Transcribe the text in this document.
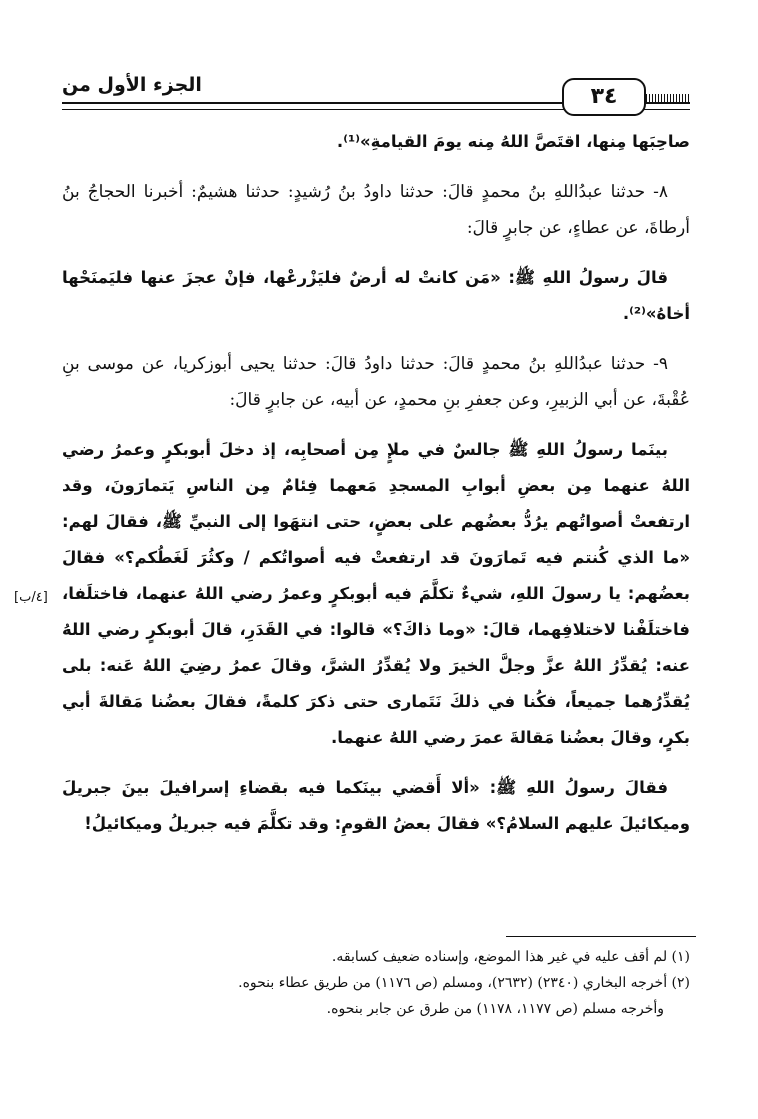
الجزء الأول من	٣٤
[٤/ب]

صاحِبَها مِنها، اقتَصَّ اللهُ مِنه يومَ القيامةِ»⁽¹⁾.

٨- حدثنا عبدُاللهِ بنُ محمدٍ قالَ: حدثنا داودُ بنُ رُشيدٍ: حدثنا هشيمٌ: أخبرنا الحجاجُ بنُ أرطاةَ، عن عطاءٍ، عن جابرٍ قالَ:

قالَ رسولُ اللهِ ﷺ: «مَن كانتْ له أرضٌ فليَزْرعْها، فإنْ عجزَ عنها فليَمنَحْها أخاهُ»⁽²⁾.

٩- حدثنا عبدُاللهِ بنُ محمدٍ قالَ: حدثنا داودُ قالَ: حدثنا يحيى أبوزكريا، عن موسى بنِ عُقْبةَ، عن أبي الزبيرِ، وعن جعفرِ بنِ محمدٍ، عن أبيه، عن جابرٍ قالَ:

بينَما رسولُ اللهِ ﷺ جالسٌ في ملإٍ مِن أصحابِه، إذ دخلَ أبوبكرٍ وعمرُ رضي اللهُ عنهما مِن بعضِ أبوابِ المسجدِ مَعهما فِئامٌ مِن الناسِ يَتمارَونَ، وقد ارتفعتْ أصواتُهم يرُدُّ بعضُهم على بعضٍ، حتى انتهَوا إلى النبيِّ ﷺ، فقالَ لهم: «ما الذي كُنتم فيه تَمارَونَ قد ارتفعتْ فيه أصواتُكم / وكثُرَ لَغَطُكم؟» فقالَ بعضُهم: يا رسولَ اللهِ، شيءٌ تكلَّمَ فيه أبوبكرٍ وعمرُ رضي اللهُ عنهما، فاختلَفا، فاختلَفْنا لاختلافِهما، قالَ: «وما ذاكَ؟» قالوا: في القَدَرِ، قالَ أبوبكرٍ رضي اللهُ عنه: يُقدِّرُ اللهُ عزَّ وجلَّ الخيرَ ولا يُقدِّرُ الشرَّ، وقالَ عمرُ رضِيَ اللهُ عَنه: بلى يُقدِّرُهما جميعاً، فكُنا في ذلكَ نَتَمارى حتى ذكرَ كلمةً، فقالَ بعضُنا مَقالةَ أبي بكرٍ، وقالَ بعضُنا مَقالةَ عمرَ رضي اللهُ عنهما.

فقالَ رسولُ اللهِ ﷺ: «ألا أَقضي بينَكما فيه بقضاءِ إسرافيلَ بينَ جبريلَ وميكائيلَ عليهم السلامُ؟» فقالَ بعضُ القومِ: وقد تكلَّمَ فيه جبريلُ وميكائيلُ!

(١) لم أقف عليه في غير هذا الموضع، وإسناده ضعيف كسابقه.

(٢) أخرجه البخاري (٢٣٤٠) (٢٦٣٢)، ومسلم (ص ١١٧٦) من طريق عطاء بنحوه.

وأخرجه مسلم (ص ١١٧٧، ١١٧٨) من طرق عن جابر بنحوه.
